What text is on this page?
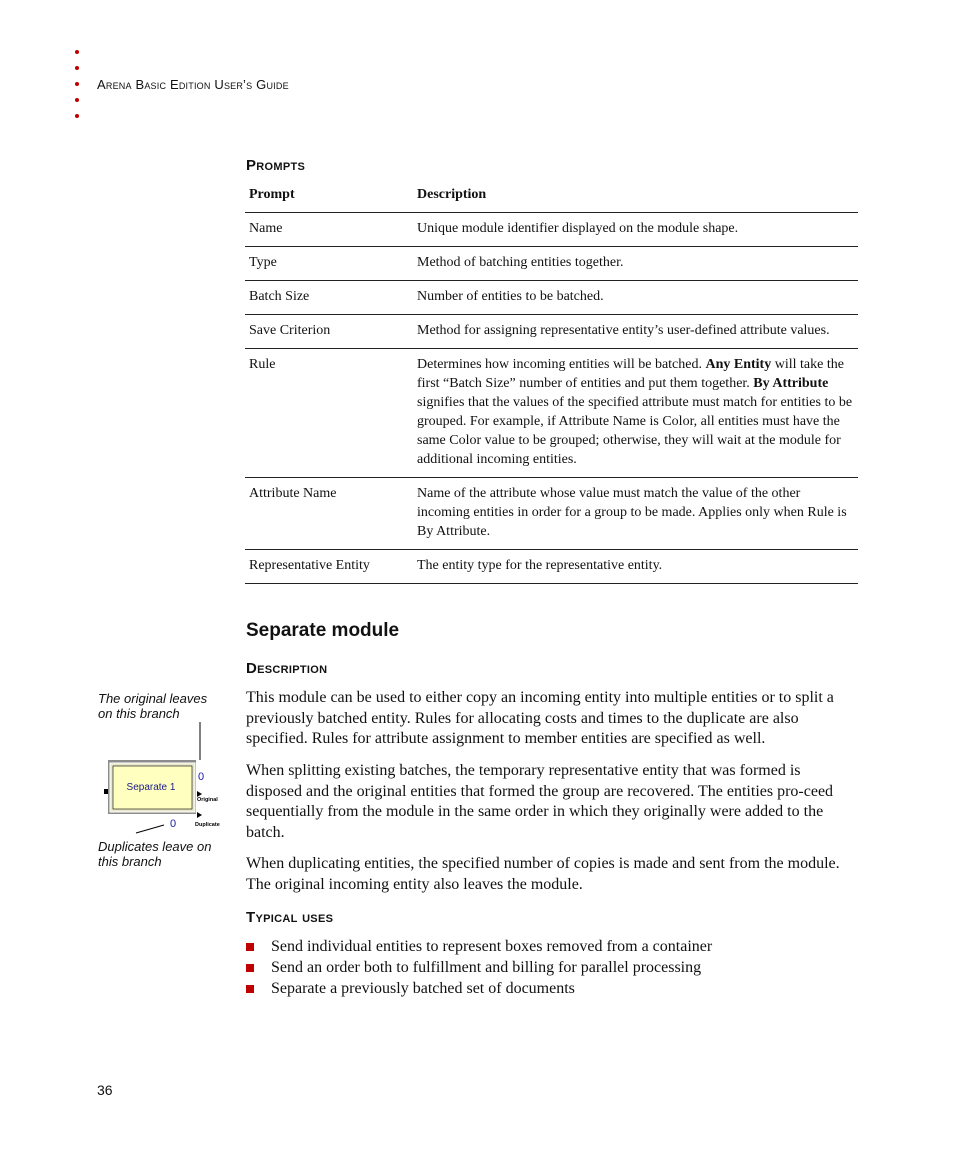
Arena Basic Edition User’s Guide
Prompts
Prompt	Description
Name	Unique module identifier displayed on the module shape.
Type	Method of batching entities together.
Batch Size	Number of entities to be batched.
Save Criterion	Method for assigning representative entity’s user-defined attribute values.
Rule	Determines how incoming entities will be batched. Any Entity will take the first “Batch Size” number of entities and put them together. By Attribute signifies that the values of the specified attribute must match for entities to be grouped. For example, if Attribute Name is Color, all entities must have the same Color value to be grouped; otherwise, they will wait at the module for additional incoming entities.
Attribute Name	Name of the attribute whose value must match the value of the other incoming entities in order for a group to be made. Applies only when Rule is By Attribute.
Representative Entity	The entity type for the representative entity.
Separate module
Description
The original leaves on this branch
Separate 1
0
Original
Duplicate
0
Duplicates leave on this branch
This module can be used to either copy an incoming entity into multiple entities or to split a previously batched entity. Rules for allocating costs and times to the duplicate are also specified. Rules for attribute assignment to member entities are specified as well.
When splitting existing batches, the temporary representative entity that was formed is disposed and the original entities that formed the group are recovered. The entities pro-ceed sequentially from the module in the same order in which they originally were added to the batch.
When duplicating entities, the specified number of copies is made and sent from the module. The original incoming entity also leaves the module.
Typical uses
Send individual entities to represent boxes removed from a container
Send an order both to fulfillment and billing for parallel processing
Separate a previously batched set of documents
36
